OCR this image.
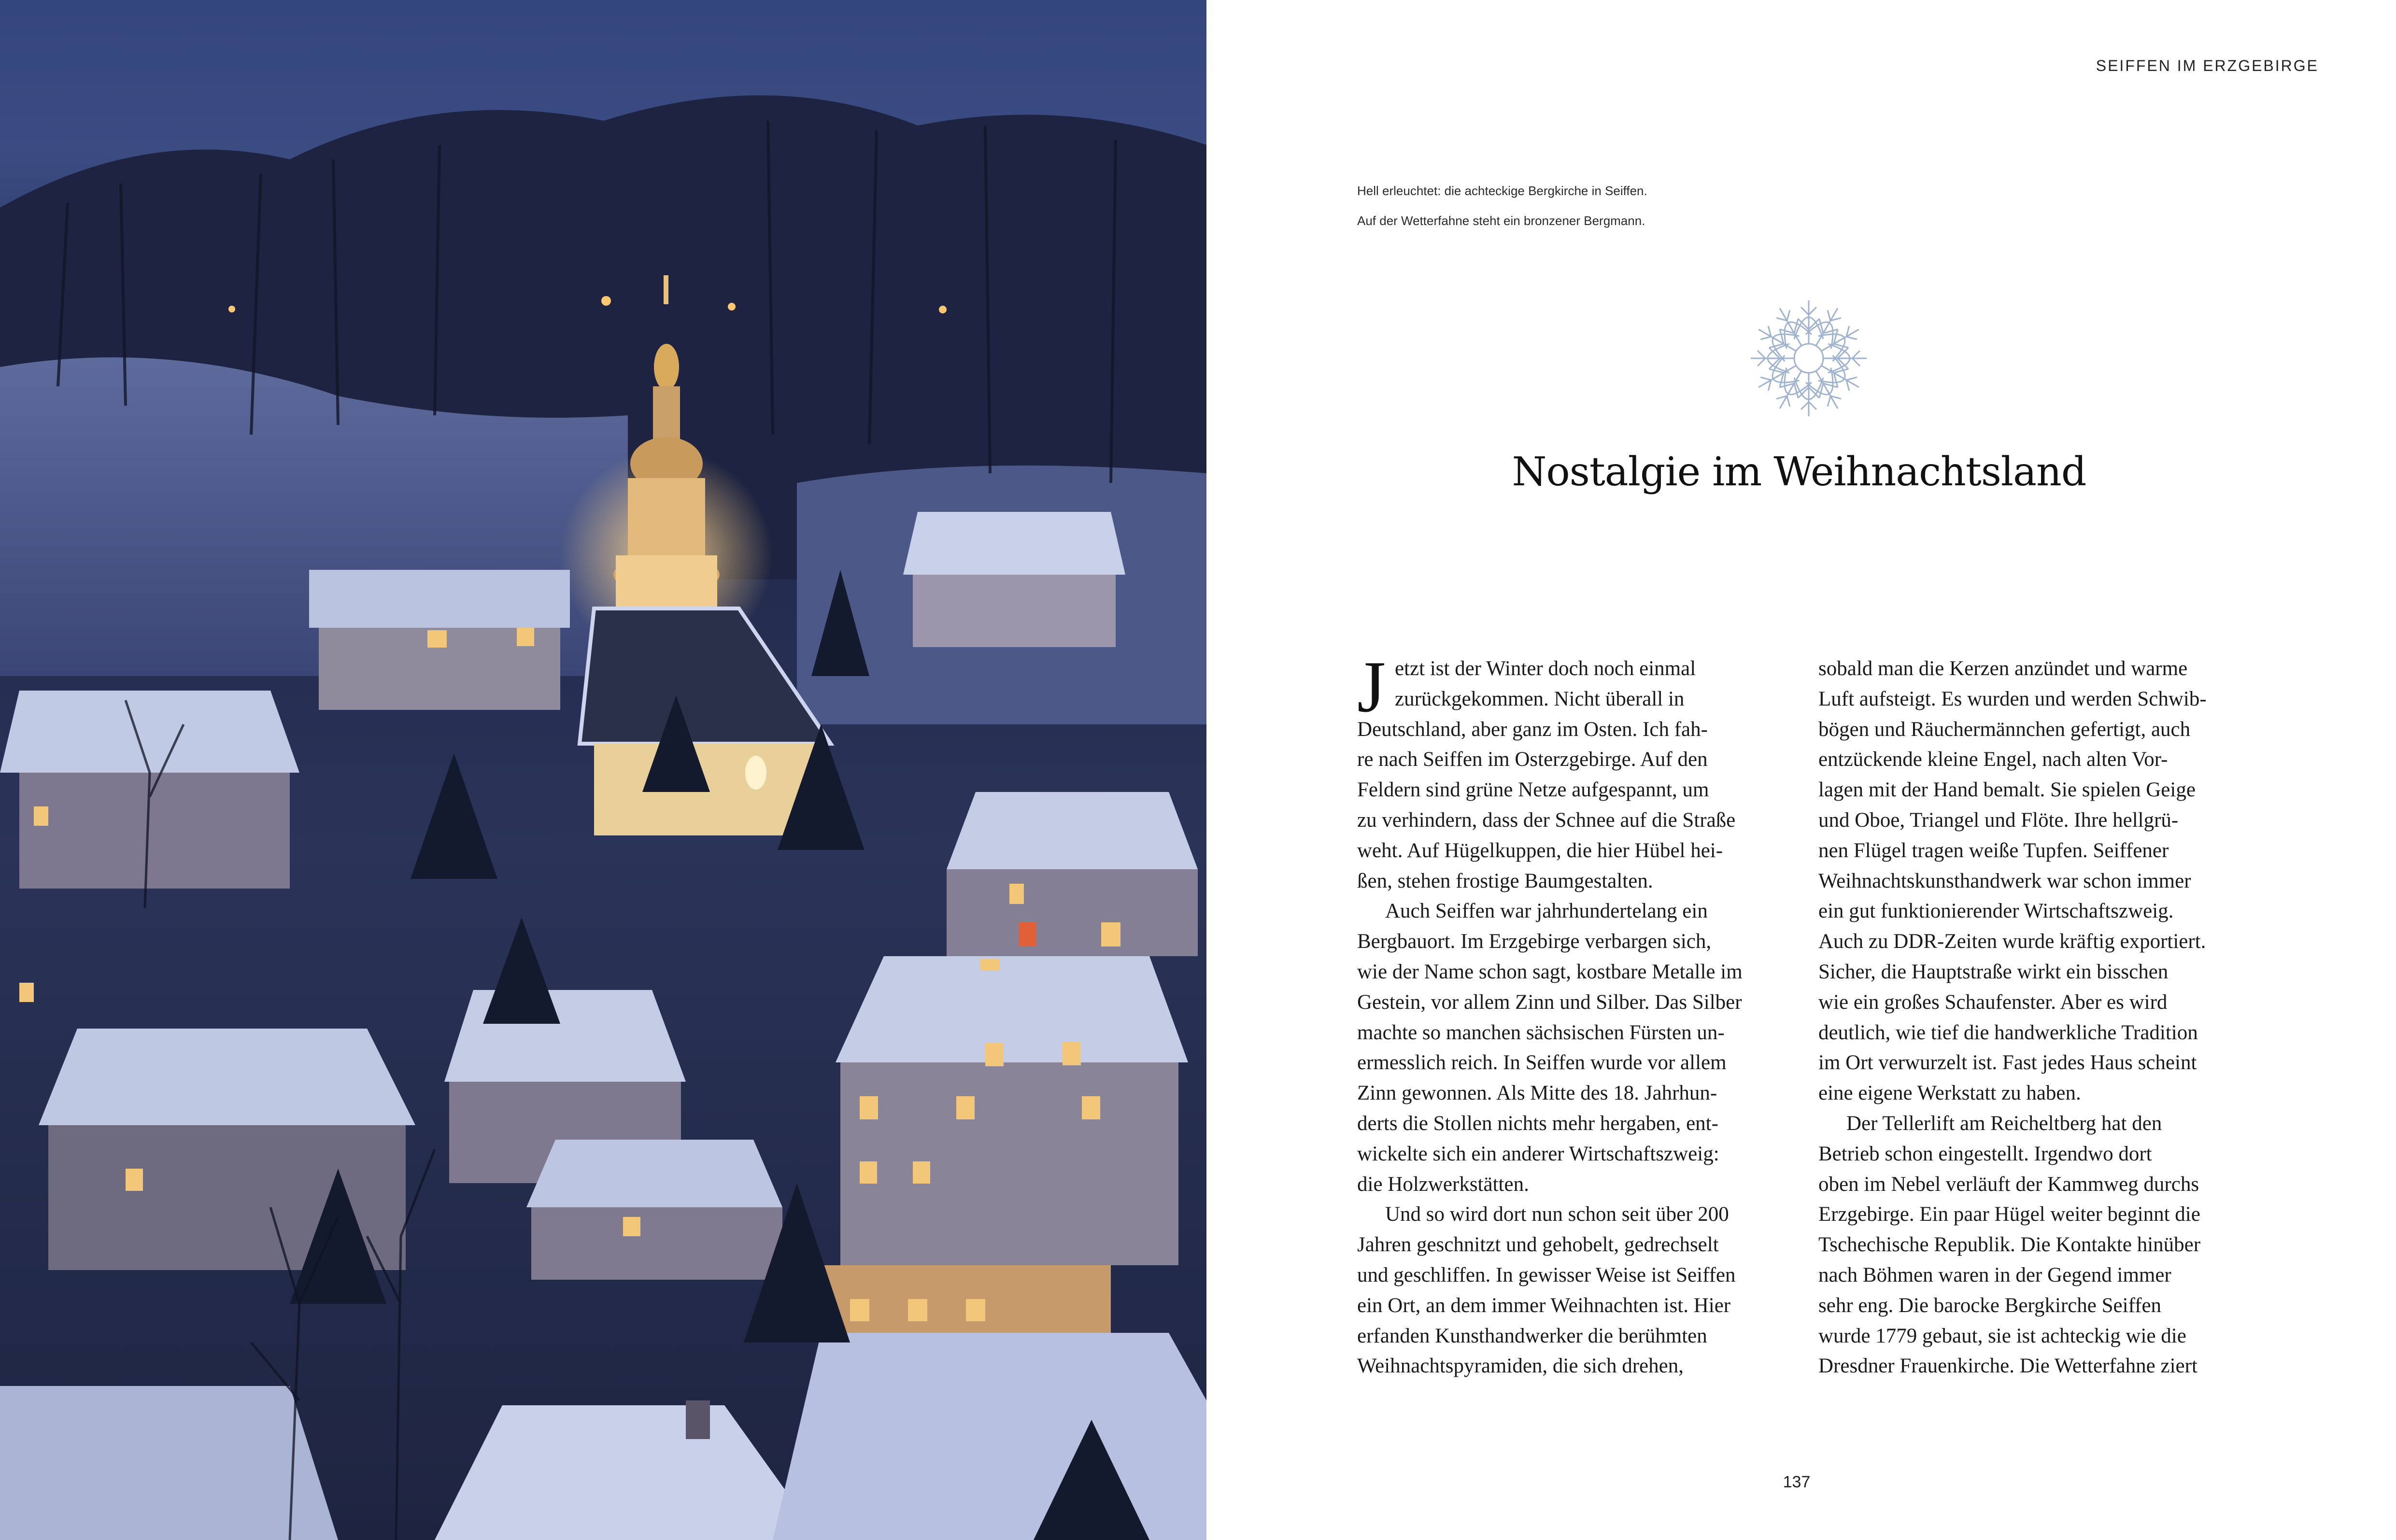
SEIFFEN IM ERZGEBIRGE
Hell erleuchtet: die achteckige Bergkirche in Seiffen.
Auf der Wetterfahne steht ein bronzener Bergmann.
Nostalgie im Weihnachtsland
J etzt ist der Winter doch noch einmal
zurückgekommen. Nicht überall in
Deutschland, aber ganz im Osten. Ich fah-
re nach Seiffen im Osterzgebirge. Auf den
Feldern sind grüne Netze aufgespannt, um
zu verhindern, dass der Schnee auf die Straße
weht. Auf Hügelkuppen, die hier Hübel hei-
ßen, stehen frostige Baumgestalten.
Auch Seiffen war jahrhundertelang ein
Bergbauort. Im Erzgebirge verbargen sich,
wie der Name schon sagt, kostbare Metalle im
Gestein, vor allem Zinn und Silber. Das Silber
machte so manchen sächsischen Fürsten un-
ermesslich reich. In Seiffen wurde vor allem
Zinn gewonnen. Als Mitte des 18. Jahrhun-
derts die Stollen nichts mehr hergaben, ent-
wickelte sich ein anderer Wirtschaftszweig:
die Holzwerkstätten.
Und so wird dort nun schon seit über 200
Jahren geschnitzt und gehobelt, gedrechselt
und geschliffen. In gewisser Weise ist Seiffen
ein Ort, an dem immer Weihnachten ist. Hier
erfanden Kunsthandwerker die berühmten
Weihnachtspyramiden, die sich drehen,
sobald man die Kerzen anzündet und warme
Luft aufsteigt. Es wurden und werden Schwib-
bögen und Räuchermännchen gefertigt, auch
entzückende kleine Engel, nach alten Vor-
lagen mit der Hand bemalt. Sie spielen Geige
und Oboe, Triangel und Flöte. Ihre hellgrü-
nen Flügel tragen weiße Tupfen. Seiffener
Weihnachtskunsthandwerk war schon immer
ein gut funktionierender Wirtschaftszweig.
Auch zu DDR-Zeiten wurde kräftig exportiert.
Sicher, die Hauptstraße wirkt ein bisschen
wie ein großes Schaufenster. Aber es wird
deutlich, wie tief die handwerkliche Tradition
im Ort verwurzelt ist. Fast jedes Haus scheint
eine eigene Werkstatt zu haben.
Der Tellerlift am Reicheltberg hat den
Betrieb schon eingestellt. Irgendwo dort
oben im Nebel verläuft der Kammweg durchs
Erzgebirge. Ein paar Hügel weiter beginnt die
Tschechische Republik. Die Kontakte hinüber
nach Böhmen waren in der Gegend immer
sehr eng. Die barocke Bergkirche Seiffen
wurde 1779 gebaut, sie ist achteckig wie die
Dresdner Frauenkirche. Die Wetterfahne ziert
137
